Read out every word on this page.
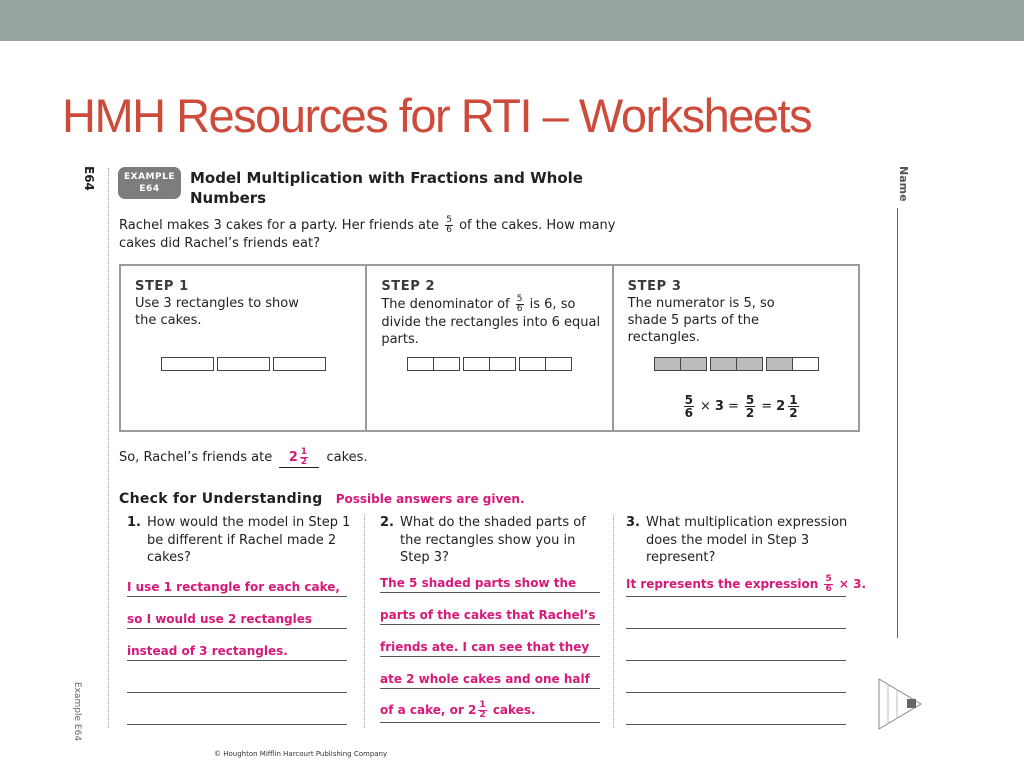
HMH Resources for RTI – Worksheets
E64
Example E64
Name
EXAMPLE
E64
Model Multiplication with Fractions and Whole Numbers
Rachel makes 3 cakes for a party. Her friends ate $\frac{5}{6}$ of the cakes. How many cakes did Rachel’s friends eat?
STEP 1
Use 3 rectangles to show the cakes.
STEP 2
The denominator of $\frac{5}{6}$ is 6, so divide the rectangles into 6 equal parts.
STEP 3
The numerator is 5, so shade 5 parts of the rectangles.
$\frac{5}{6} \times 3 = \frac{5}{2} = 2 \frac{1}{2}$
So, Rachel’s friends ate $2 \frac{1}{2}$ cakes.
Check for Understanding Possible answers are given.
1. How would the model in Step 1 be different if Rachel made 2 cakes?
2. What do the shaded parts of the rectangles show you in Step 3?
3. What multiplication expression does the model in Step 3 represent?
I use 1 rectangle for each cake,
so I would use 2 rectangles
instead of 3 rectangles.
The 5 shaded parts show the
parts of the cakes that Rachel’s
friends ate. I can see that they
ate 2 whole cakes and one half
of a cake, or $2 \frac{1}{2}$ cakes.
It represents the expression $\frac{5}{6} \times 3$.
© Houghton Mifflin Harcourt Publishing Company
